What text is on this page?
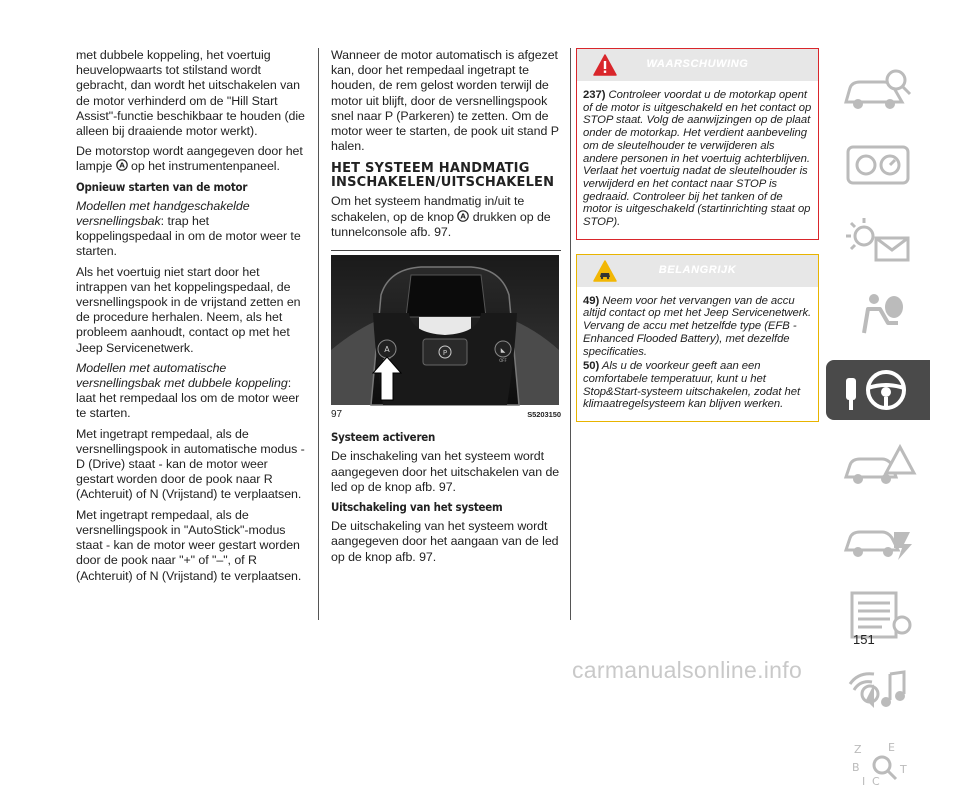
met dubbele koppeling, het voertuig heuvelopwaarts tot stilstand wordt gebracht, dan wordt het uitschakelen van de motor verhinderd om de "Hill Start Assist"-functie beschikbaar te houden (die alleen bij draaiende motor werkt).

De motorstop wordt aangegeven door het lampje A op het instrumentenpaneel.

Opnieuw starten van de motor

Modellen met handgeschakelde versnellingsbak: trap het koppelingspedaal in om de motor weer te starten.

Als het voertuig niet start door het intrappen van het koppelingspedaal, de versnellingspook in de vrijstand zetten en de procedure herhalen. Neem, als het probleem aanhoudt, contact op met het Jeep Servicenetwerk.

Modellen met automatische versnellingsbak met dubbele koppeling: laat het rempedaal los om de motor weer te starten.

Met ingetrapt rempedaal, als de versnellingspook in automatische modus - D (Drive) staat - kan de motor weer gestart worden door de pook naar R (Achteruit) of N (Vrijstand) te verplaatsen.

Met ingetrapt rempedaal, als de versnellingspook in "AutoStick"-modus staat - kan de motor weer gestart worden door de pook naar "+" of "–", of R (Achteruit) of N (Vrijstand) te verplaatsen.

Wanneer de motor automatisch is afgezet kan, door het rempedaal ingetrapt te houden, de rem gelost worden terwijl de motor uit blijft, door de versnellingspook snel naar P (Parkeren) te zetten. Om de motor weer te starten, de pook uit stand P halen.

HET SYSTEEM HANDMATIG INSCHAKELEN/UITSCHAKELEN

Om het systeem handmatig in/uit te schakelen, op de knop A drukken op de tunnelconsole afb. 97.

A	P	◣
OFF
97	S5203150
Systeem activeren

De inschakeling van het systeem wordt aangegeven door het uitschakelen van de led op de knop afb. 97.

Uitschakeling van het systeem

De uitschakeling van het systeem wordt aangegeven door het aangaan van de led op de knop afb. 97.

WAARSCHUWING

237) Controleer voordat u de motorkap opent of de motor is uitgeschakeld en het contact op STOP staat. Volg de aanwijzingen op de plaat onder de motorkap. Het verdient aanbeveling om de sleutelhouder te verwijderen als andere personen in het voertuig achterblijven. Verlaat het voertuig nadat de sleutelhouder is verwijderd en het contact naar STOP is gedraaid. Controleer bij het tanken of de motor is uitgeschakeld (startinrichting staat op STOP).

BELANGRIJK

49) Neem voor het vervangen van de accu altijd contact op met het Jeep Servicenetwerk. Vervang de accu met hetzelfde type (EFB - Enhanced Flooded Battery), met dezelfde specificaties.

50) Als u de voorkeur geeft aan een comfortabele temperatuur, kunt u het Stop&Start-systeem uitschakelen, zodat het klimaatregelsysteem kan blijven werken.

Z E
B
I C
T
151
carmanualsonline.info
